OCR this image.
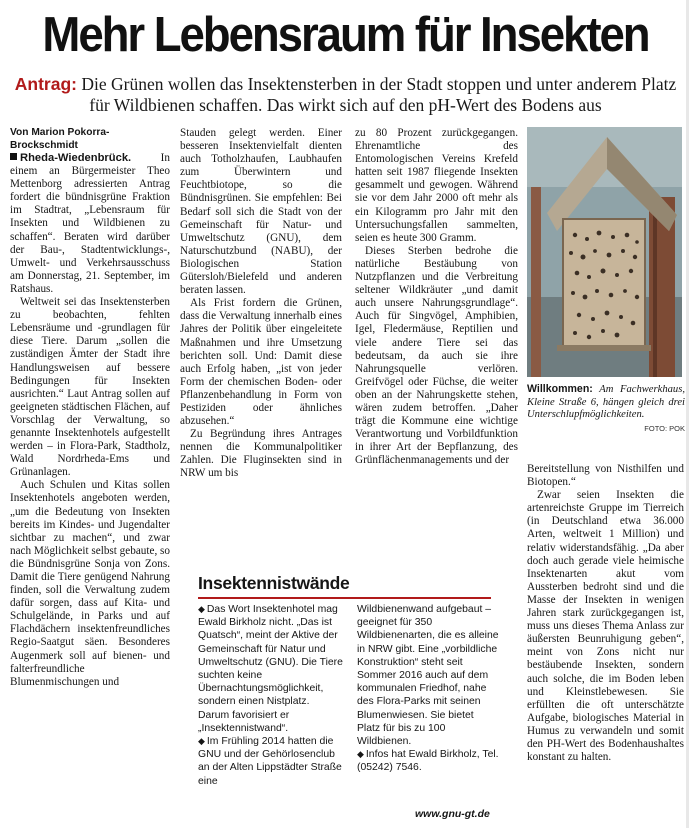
Mehr Lebensraum für Insekten
Antrag: Die Grünen wollen das Insektensterben in der Stadt stoppen und unter anderem Platz für Wildbienen schaffen. Das wirkt sich auf den pH-Wert des Bodens aus

Von Marion Pokorra-Brockschmidt

Rheda-Wiedenbrück. In einem an Bürgermeister Theo Mettenborg adressierten Antrag fordert die bündnisgrüne Fraktion im Stadtrat, „Lebensraum für Insekten und Wildbienen zu schaffen“. Beraten wird darüber der Bau-, Stadtentwicklungs-, Umwelt- und Verkehrsausschuss am Donnerstag, 21. September, im Ratshaus.

Weltweit sei das Insektensterben zu beobachten, fehlten Lebensräume und -grundlagen für diese Tiere. Darum „sollen die zuständigen Ämter der Stadt ihre Handlungsweisen auf bessere Bedingungen für Insekten ausrichten.“ Laut Antrag sollen auf geeigneten städtischen Flächen, auf Vorschlag der Verwaltung, so genannte Insektenhotels aufgestellt werden – in Flora-Park, Stadtholz, Wald Nordrheda-Ems und Grünanlagen.

Auch Schulen und Kitas sollen Insektenhotels angeboten werden, „um die Bedeutung von Insekten bereits im Kindes- und Jugendalter sichtbar zu machen“, und zwar nach Möglichkeit selbst gebaute, so die Bündnisgrüne Sonja von Zons. Damit die Tiere genügend Nahrung finden, soll die Verwaltung zudem dafür sorgen, dass auf Kita- und Schulgelände, in Parks und auf Flachdächern insektenfreundliches Regio-Saatgut säen. Besonderes Augenmerk soll auf bienen- und falterfreundliche Blumenmischungen und

Stauden gelegt werden. Einer besseren Insektenvielfalt dienten auch Totholzhaufen, Laubhaufen zum Überwintern und Feuchtbiotope, so die Bündnisgrünen. Sie empfehlen: Bei Bedarf soll sich die Stadt von der Gemeinschaft für Natur- und Umweltschutz (GNU), dem Naturschutzbund (NABU), der Biologischen Station Gütersloh/Bielefeld und anderen beraten lassen.

Als Frist fordern die Grünen, dass die Verwaltung innerhalb eines Jahres der Politik über eingeleitete Maßnahmen und ihre Umsetzung berichten soll. Und: Damit diese auch Erfolg haben, „ist von jeder Form der chemischen Boden- oder Pflanzenbehandlung in Form von Pestiziden oder ähnliches abzusehen.“

Zu Begründung ihres Antrages nennen die Kommunalpolitiker Zahlen. Die Fluginsekten sind in NRW um bis

zu 80 Prozent zurückgegangen. Ehrenamtliche des Entomologischen Vereins Krefeld hatten seit 1987 fliegende Insekten gesammelt und gewogen. Während sie vor dem Jahr 2000 oft mehr als ein Kilogramm pro Jahr mit den Untersuchungsfallen sammelten, seien es heute 300 Gramm.

Dieses Sterben bedrohe die natürliche Bestäubung von Nutzpflanzen und die Verbreitung seltener Wildkräuter „und damit auch unsere Nahrungsgrundlage“. Auch für Singvögel, Amphibien, Igel, Fledermäuse, Reptilien und viele andere Tiere sei das bedeutsam, da auch sie ihre Nahrungsquelle verlören. Greifvögel oder Füchse, die weiter oben an der Nahrungskette stehen, wären zudem betroffen. „Daher trägt die Kommune eine wichtige Verantwortung und Vorbildfunktion in ihrer Art der Bepflanzung, des Grünflächenmanagements und der

Willkommen: Am Fachwerkhaus, Kleine Straße 6, hängen gleich drei Unterschlupfmöglichkeiten.
FOTO: POK

Bereitstellung von Nisthilfen und Biotopen.“

Zwar seien Insekten die artenreichste Gruppe im Tierreich (in Deutschland etwa 36.000 Arten, weltweit 1 Million) und relativ widerstandsfähig. „Da aber doch auch gerade viele heimische Insektenarten akut vom Aussterben bedroht sind und die Masse der Insekten in wenigen Jahren stark zurückgegangen ist, muss uns dieses Thema Anlass zur äußersten Beunruhigung geben“, meint von Zons nicht nur bestäubende Insekten, sondern auch solche, die im Boden leben und Kleinstlebewesen. Sie erfüllten die oft unterschätzte Aufgabe, biologisches Material in Humus zu verwandeln und somit den PH-Wert des Bodenhaushaltes konstant zu halten.

Insektennistwände

◆ Das Wort Insektenhotel mag Ewald Birkholz nicht. „Das ist Quatsch“, meint der Aktive der Gemeinschaft für Natur und Umweltschutz (GNU). Die Tiere suchten keine Übernachtungsmöglichkeit, sondern einen Nistplatz. Darum favorisiert er „Insektennistwand“.

◆ Im Frühling 2014 hatten die GNU und der Gehörlosenclub an der Alten Lippstädter Straße eine

Wildbienenwand aufgebaut – geeignet für 350 Wildbienenarten, die es alleine in NRW gibt. Eine „vorbildliche Konstruktion“ steht seit Sommer 2016 auch auf dem kommunalen Friedhof, nahe des Flora-Parks mit seinen Blumenwiesen. Sie bietet Platz für bis zu 100 Wildbienen.

◆ Infos hat Ewald Birkholz, Tel. (05242) 7546.

www.gnu-gt.de
